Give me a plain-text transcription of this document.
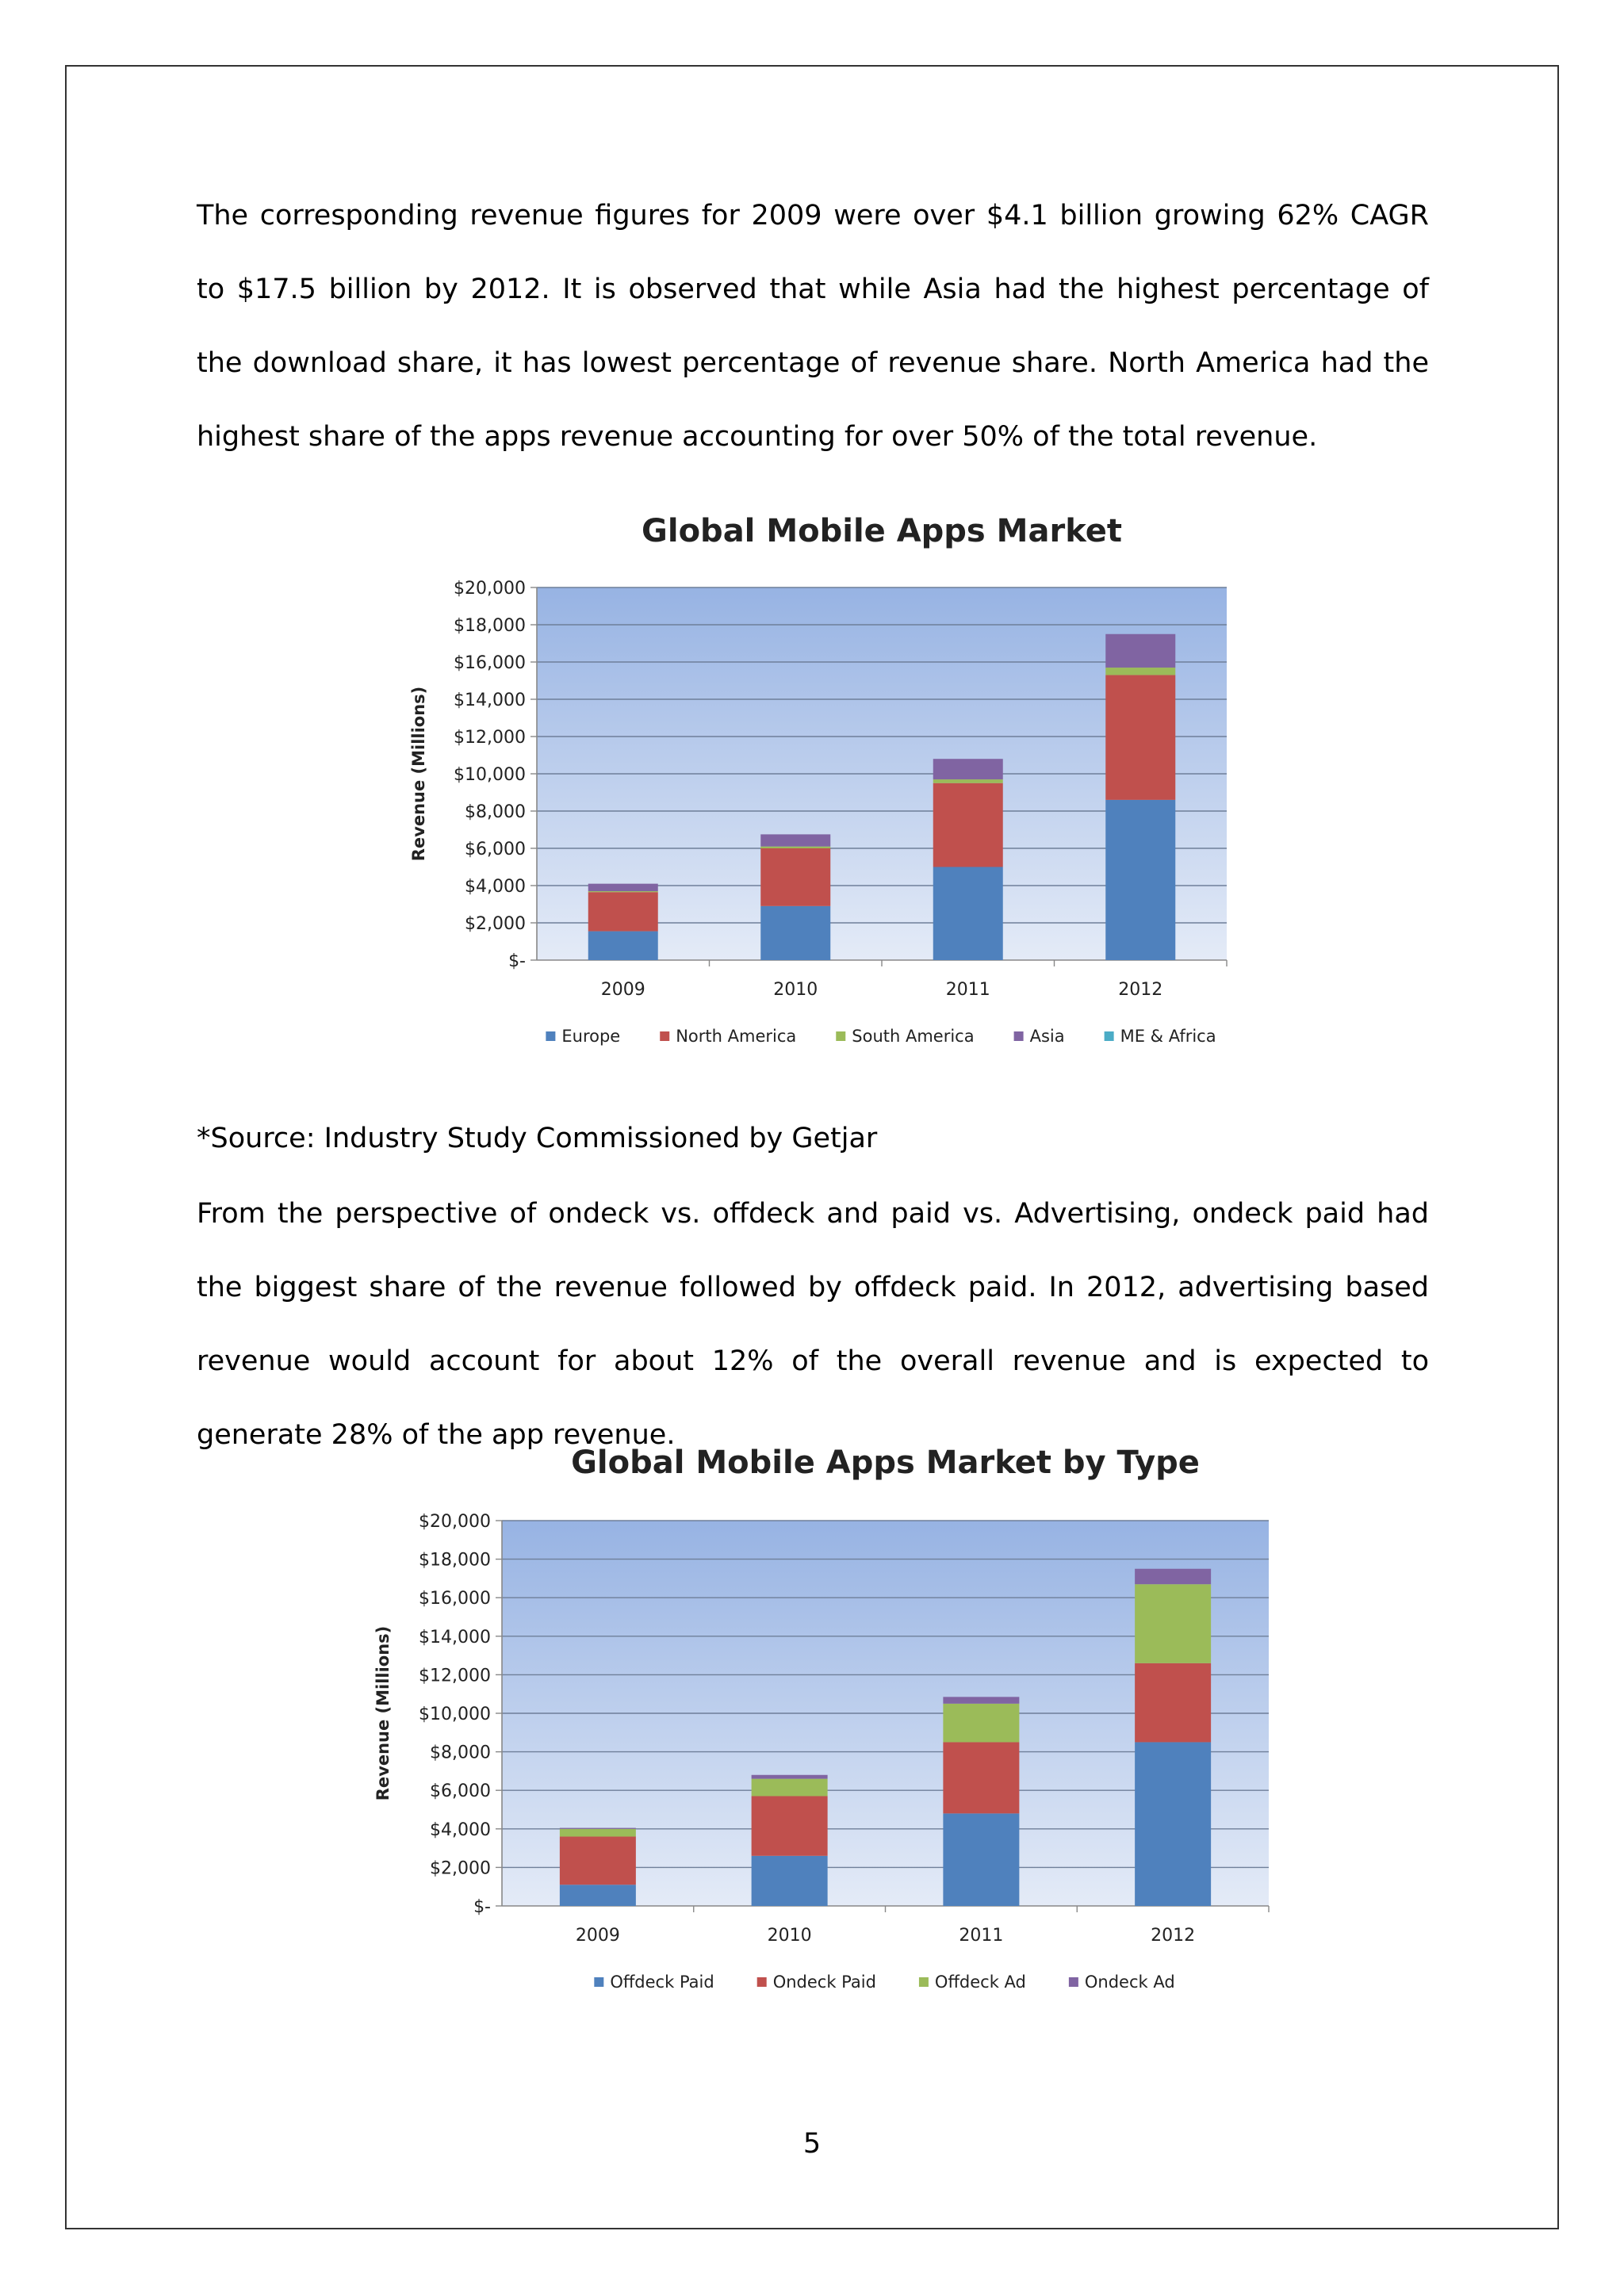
The corresponding revenue figures for 2009 were over $4.1 billion growing 62% CAGR to $17.5 billion by 2012. It is observed that while Asia had the highest percentage of the download share, it has lowest percentage of revenue share. North America had the highest share of the apps revenue accounting for over 50% of the total revenue.

Global Mobile Apps Market
$-
$2,000
$4,000
$6,000
$8,000
$10,000
$12,000
$14,000
$16,000
$18,000
$20,000
Revenue (Millions)
2009	2010	2011	2012
Europe	North America	South America	Asia	ME & Africa

*Source: Industry Study Commissioned by Getjar

From the perspective of ondeck vs. offdeck and paid vs. Advertising, ondeck paid had the biggest share of the revenue followed by offdeck paid. In 2012, advertising based revenue would account for about 12% of the overall revenue and is expected to generate 28% of the app revenue.

Global Mobile Apps Market by Type
$-
$2,000
$4,000
$6,000
$8,000
$10,000
$12,000
$14,000
$16,000
$18,000
$20,000
Revenue (Millions)
2009	2010	2011	2012
Offdeck Paid	Ondeck Paid	Offdeck Ad	Ondeck Ad
5
